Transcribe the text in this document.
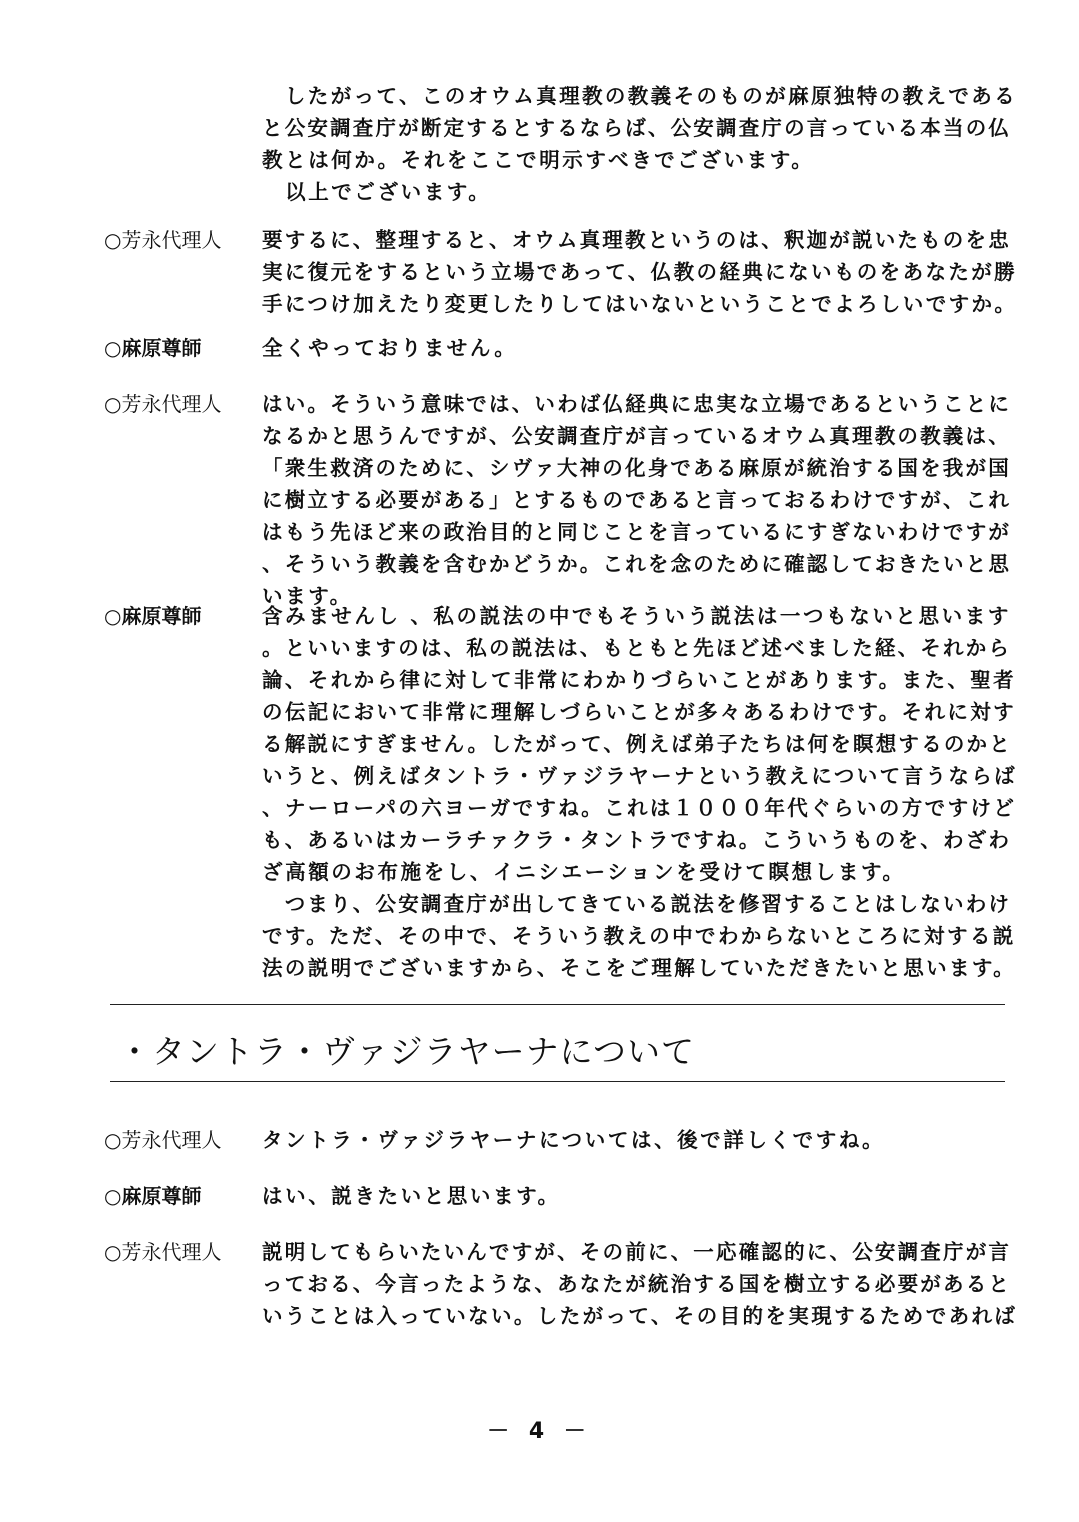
　したがって、このオウム真理教の教義そのものが麻原独特の教えである
と公安調査庁が断定するとするならば、公安調査庁の言っている本当の仏
教とは何か。それをここで明示すべきでございます。
　以上でございます。
○芳永代理人	要するに、整理すると、オウム真理教というのは、釈迦が説いたものを忠
実に復元をするという立場であって、仏教の経典にないものをあなたが勝
手につけ加えたり変更したりしてはいないということでよろしいですか。
○麻原尊師	全くやっておりません。
○芳永代理人	はい。そういう意味では、いわば仏経典に忠実な立場であるということに
なるかと思うんですが、公安調査庁が言っているオウム真理教の教義は、
「衆生救済のために、シヴァ大神の化身である麻原が統治する国を我が国
に樹立する必要がある」とするものであると言っておるわけですが、これ
はもう先ほど来の政治目的と同じことを言っているにすぎないわけですが
、そういう教義を含むかどうか。これを念のために確認しておきたいと思
います。
○麻原尊師	含みませんし 、私の説法の中でもそういう説法は一つもないと思います
。といいますのは、私の説法は、もともと先ほど述べました経、それから
論、それから律に対して非常にわかりづらいことがあります。また、聖者
の伝記において非常に理解しづらいことが多々あるわけです。それに対す
る解説にすぎません。したがって、例えば弟子たちは何を瞑想するのかと
いうと、例えばタントラ・ヴァジラヤーナという教えについて言うならば
、ナーローパの六ヨーガですね。これは１０００年代ぐらいの方ですけど
も、あるいはカーラチァクラ・タントラですね。こういうものを、わざわ
ざ高額のお布施をし、イニシエーションを受けて瞑想します。
　つまり、公安調査庁が出してきている説法を修習することはしないわけ
です。ただ、その中で、そういう教えの中でわからないところに対する説
法の説明でございますから、そこをご理解していただきたいと思います。
・タントラ・ヴァジラヤーナについて
○芳永代理人	タントラ・ヴァジラヤーナについては、後で詳しくですね。
○麻原尊師	はい、説きたいと思います。
○芳永代理人	説明してもらいたいんですが、その前に、一応確認的に、公安調査庁が言
っておる、今言ったような、あなたが統治する国を樹立する必要があると
いうことは入っていない。したがって、その目的を実現するためであれば
－ 4 －
